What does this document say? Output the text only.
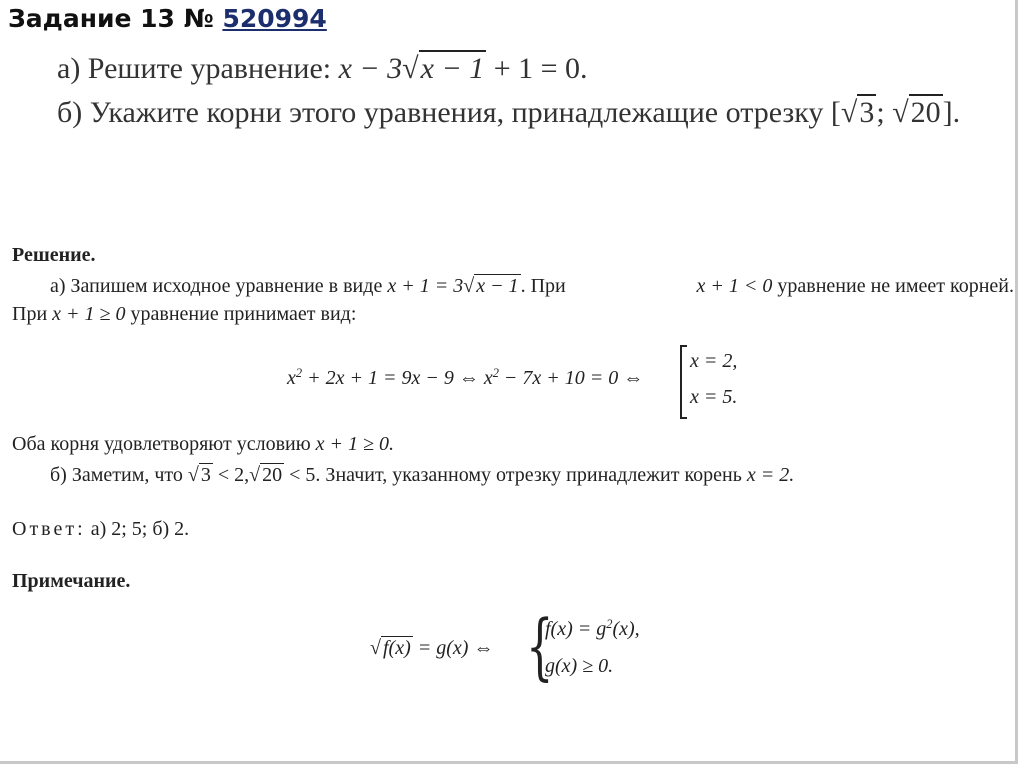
Задание 13 № 520994
а) Решите уравнение: x − 3√x − 1 + 1 = 0.
б) Укажите корни этого уравнения, принадлежащие отрезку [√3; √20].
Решение.
а) Запишем исходное уравнение в виде x + 1 = 3√ x − 1 . При	x + 1 < 0 уравнение не имеет корней.
При x + 1 ≥ 0 уравнение принимает вид:
$x^2 + 2x + 1 = 9x - 9$ ⇔ $x^2 - 7x + 10 = 0$ ⇔
x = 2,
x = 5.
Оба корня удовлетворяют условию x + 1 ≥ 0.
б) Заметим, что √ 3 < 2,√ 20 < 5. Значит, указанному отрезку принадлежит корень x = 2.
Ответ: а) 2; 5; б) 2.
Примечание.
√ f(x) = g(x) ⇔ {
$f(x) = g^2(x)$,
g(x) ≥ 0.
